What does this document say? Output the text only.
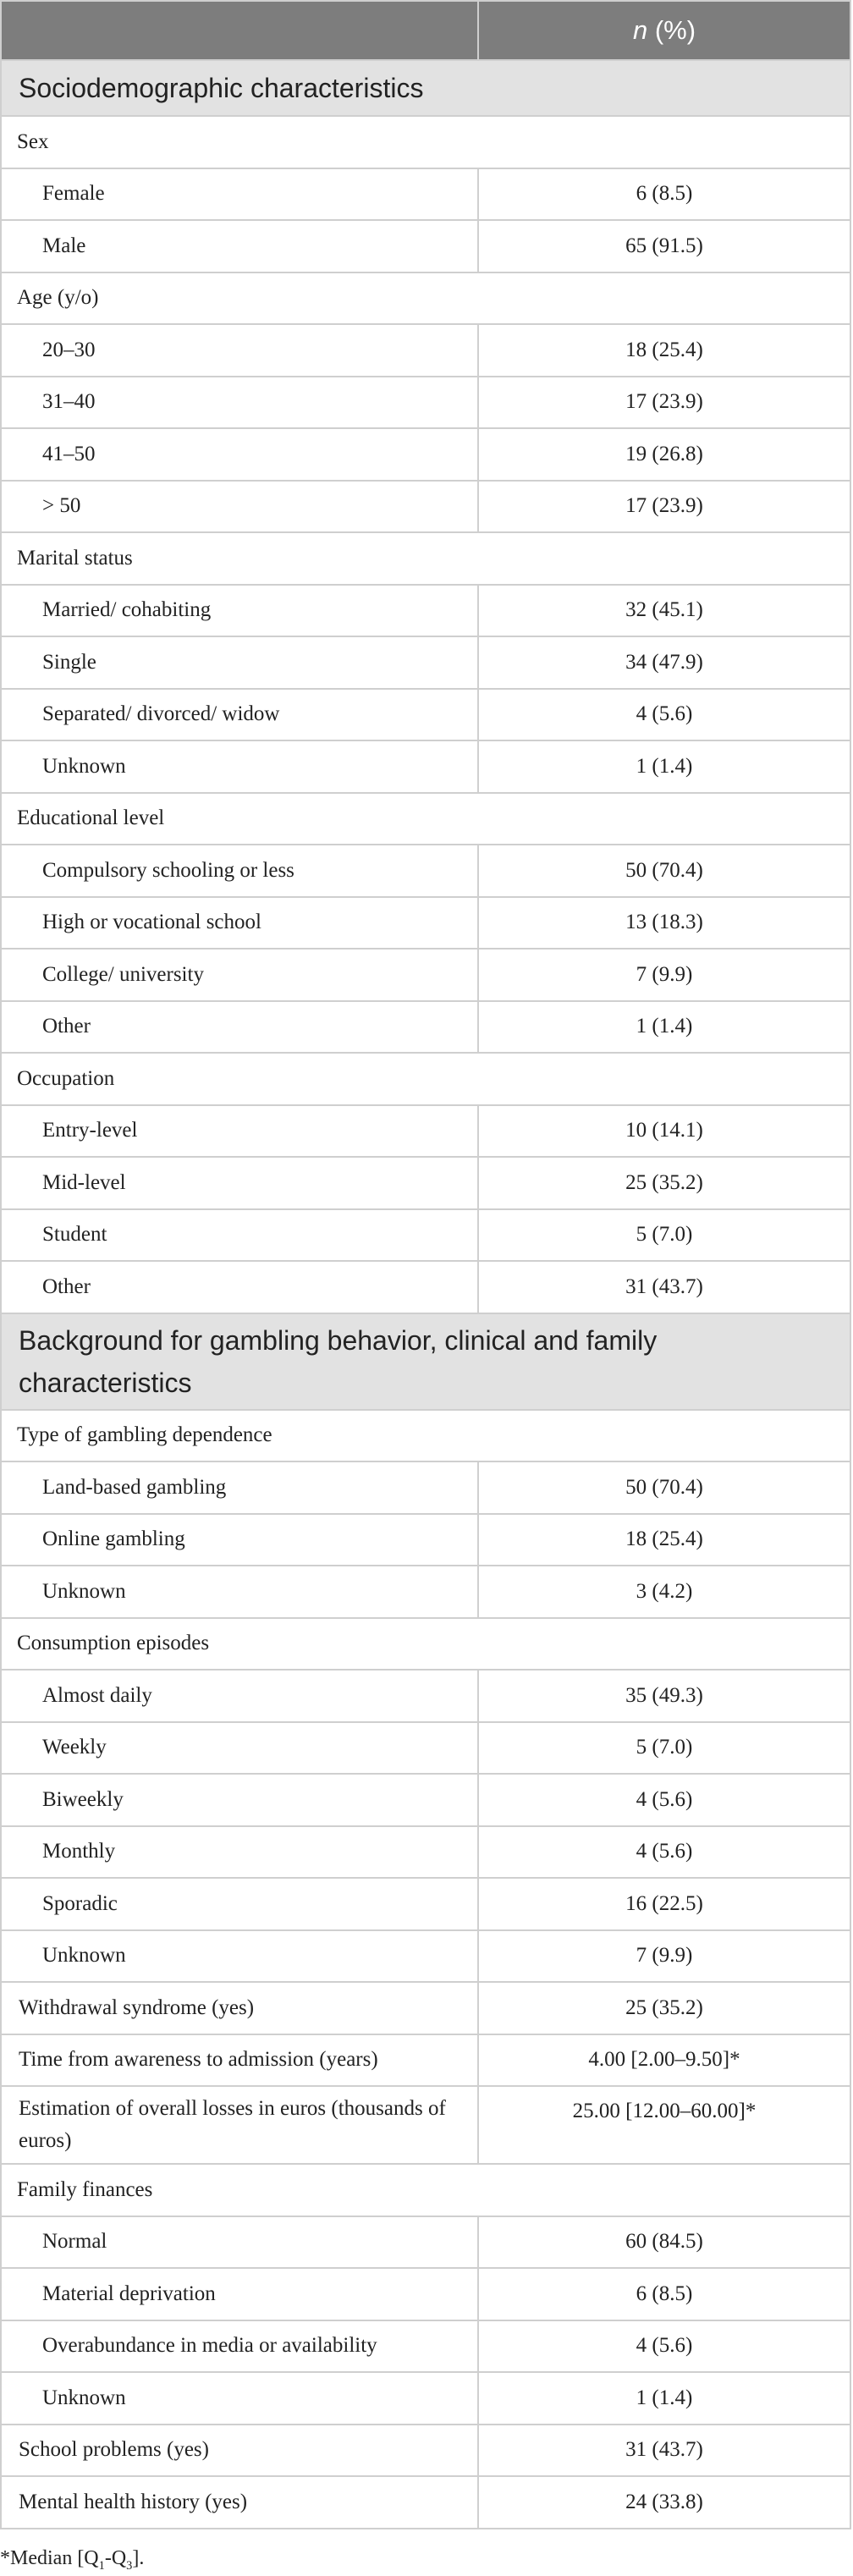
	n (%)
Sociodemographic characteristics	
Sex	
Female	6 (8.5)
Male	65 (91.5)
Age (y/o)	
20–30	18 (25.4)
31–40	17 (23.9)
41–50	19 (26.8)
> 50	17 (23.9)
Marital status	
Married/ cohabiting	32 (45.1)
Single	34 (47.9)
Separated/ divorced/ widow	4 (5.6)
Unknown	1 (1.4)
Educational level	
Compulsory schooling or less	50 (70.4)
High or vocational school	13 (18.3)
College/ university	7 (9.9)
Other	1 (1.4)
Occupation	
Entry-level	10 (14.1)
Mid-level	25 (35.2)
Student	5 (7.0)
Other	31 (43.7)
Background for gambling behavior, clinical and family characteristics	
Type of gambling dependence	
Land-based gambling	50 (70.4)
Online gambling	18 (25.4)
Unknown	3 (4.2)
Consumption episodes	
Almost daily	35 (49.3)
Weekly	5 (7.0)
Biweekly	4 (5.6)
Monthly	4 (5.6)
Sporadic	16 (22.5)
Unknown	7 (9.9)
Withdrawal syndrome (yes)	25 (35.2)
Time from awareness to admission (years)	4.00 [2.00–9.50]*
Estimation of overall losses in euros (thousands of euros)	25.00 [12.00–60.00]*
Family finances	
Normal	60 (84.5)
Material deprivation	6 (8.5)
Overabundance in media or availability	4 (5.6)
Unknown	1 (1.4)
School problems (yes)	31 (43.7)
Mental health history (yes)	24 (33.8)
*Median $[Q_1-Q_3]$.
